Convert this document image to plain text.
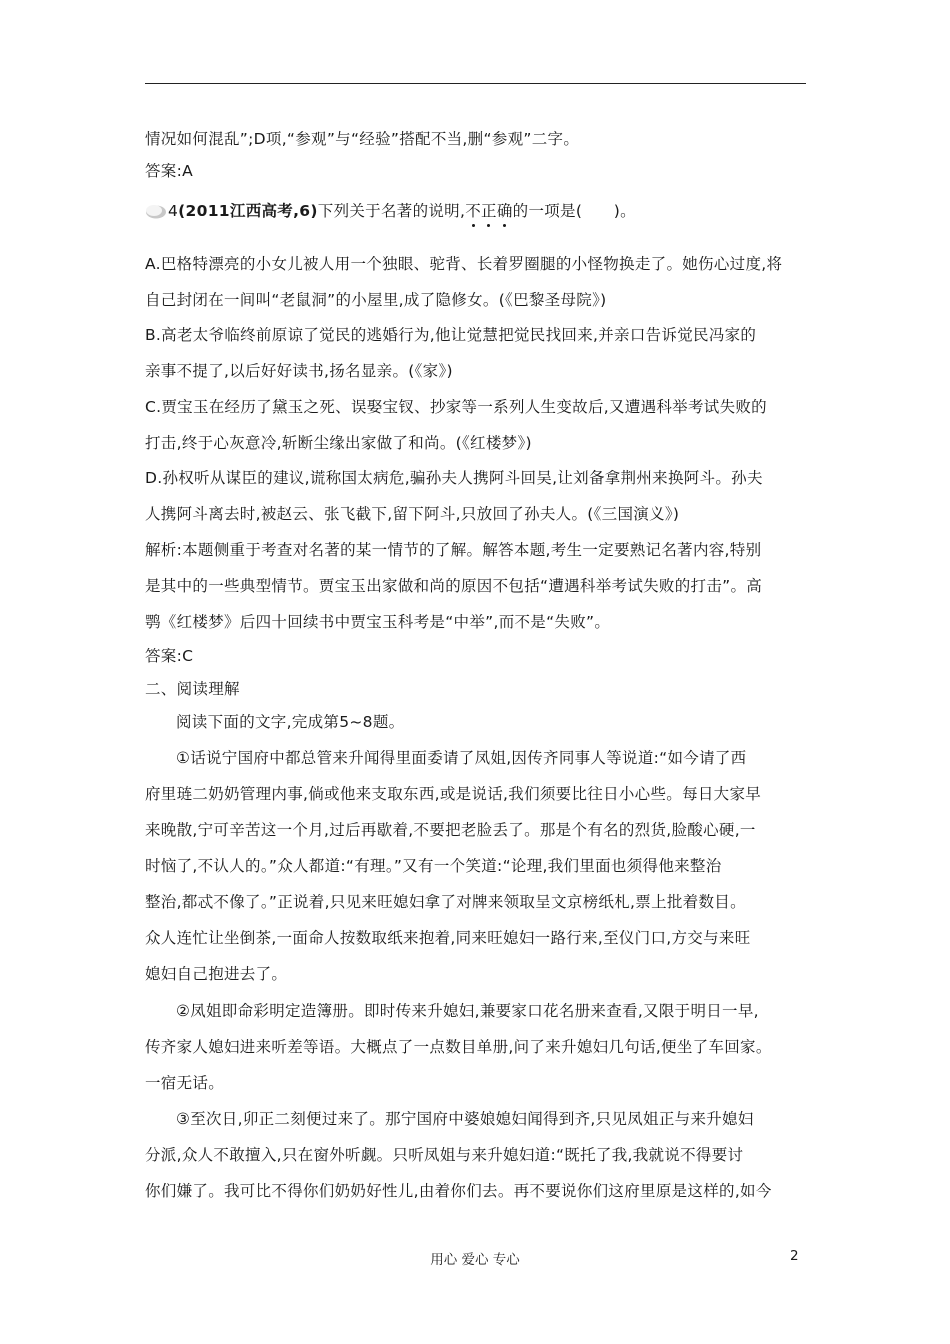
情况如何混乱”;D项,“参观”与“经验”搭配不当,删“参观”二字。
答案:A
4(2011江西高考,6)下列关于名著的说明,不正确的一项是(　　)。
A.巴格特漂亮的小女儿被人用一个独眼、驼背、长着罗圈腿的小怪物换走了。她伤心过度,将
自己封闭在一间叫“老鼠洞”的小屋里,成了隐修女。(《巴黎圣母院》)
B.高老太爷临终前原谅了觉民的逃婚行为,他让觉慧把觉民找回来,并亲口告诉觉民冯家的
亲事不提了,以后好好读书,扬名显亲。(《家》)
C.贾宝玉在经历了黛玉之死、误娶宝钗、抄家等一系列人生变故后,又遭遇科举考试失败的
打击,终于心灰意冷,斩断尘缘出家做了和尚。(《红楼梦》)
D.孙权听从谋臣的建议,谎称国太病危,骗孙夫人携阿斗回吴,让刘备拿荆州来换阿斗。孙夫
人携阿斗离去时,被赵云、张飞截下,留下阿斗,只放回了孙夫人。(《三国演义》)
解析:本题侧重于考查对名著的某一情节的了解。解答本题,考生一定要熟记名著内容,特别
是其中的一些典型情节。贾宝玉出家做和尚的原因不包括“遭遇科举考试失败的打击”。高
鹗《红楼梦》后四十回续书中贾宝玉科考是“中举”,而不是“失败”。
答案:C
二、阅读理解
阅读下面的文字,完成第5~8题。
①话说宁国府中都总管来升闻得里面委请了凤姐,因传齐同事人等说道:“如今请了西
府里琏二奶奶管理内事,倘或他来支取东西,或是说话,我们须要比往日小心些。每日大家早
来晚散,宁可辛苦这一个月,过后再歇着,不要把老脸丢了。那是个有名的烈货,脸酸心硬,一
时恼了,不认人的。”众人都道:“有理。”又有一个笑道:“论理,我们里面也须得他来整治
整治,都忒不像了。”正说着,只见来旺媳妇拿了对牌来领取呈文京榜纸札,票上批着数目。
众人连忙让坐倒茶,一面命人按数取纸来抱着,同来旺媳妇一路行来,至仪门口,方交与来旺
媳妇自己抱进去了。
②凤姐即命彩明定造簿册。即时传来升媳妇,兼要家口花名册来查看,又限于明日一早,
传齐家人媳妇进来听差等语。大概点了一点数目单册,问了来升媳妇几句话,便坐了车回家。
一宿无话。
③至次日,卯正二刻便过来了。那宁国府中婆娘媳妇闻得到齐,只见凤姐正与来升媳妇
分派,众人不敢擅入,只在窗外听觑。只听凤姐与来升媳妇道:“既托了我,我就说不得要讨
你们嫌了。我可比不得你们奶奶好性儿,由着你们去。再不要说你们这府里原是这样的,如今
用心 爱心 专心	2
